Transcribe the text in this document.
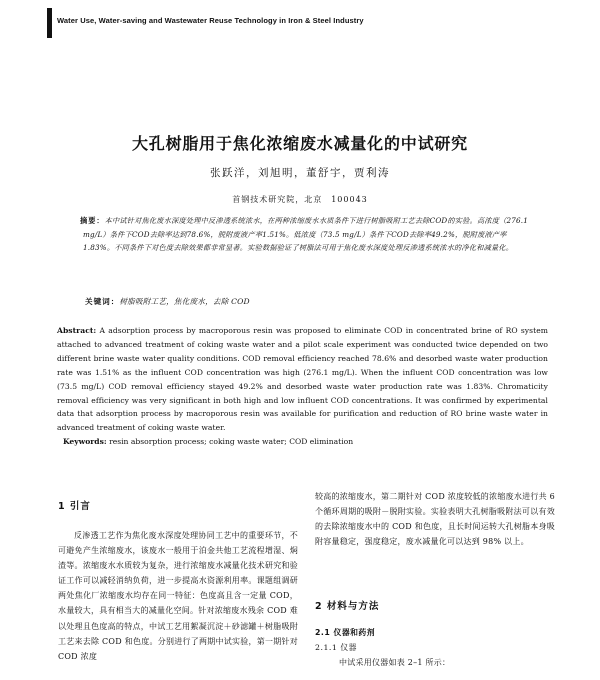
Water Use, Water-saving and Wastewater Reuse Technology in Iron & Steel Industry
大孔树脂用于焦化浓缩废水减量化的中试研究
张跃洋，刘旭明，董舒宇，贾利涛
首钢技术研究院，北京　100043
摘要：本中试针对焦化废水深度处理中反渗透系统浓水，在两种浓缩废水水质条件下进行树脂吸附工艺去除COD的实验。高浓度（276.1 mg/L）条件下COD去除率达到78.6%，脱附废液产率1.51%。低浓度（73.5 mg/L）条件下COD去除率49.2%，脱附废液产率1.83%。不同条件下对色度去除效果都非常显著。实验数据验证了树脂法可用于焦化废水深度处理反渗透系统浓水的净化和减量化。
关键词：树脂吸附工艺，焦化废水，去除 COD
Abstract: A adsorption process by macroporous resin was proposed to eliminate COD in concentrated brine of RO system attached to advanced treatment of coking waste water and a pilot scale experiment was conducted twice depended on two different brine waste water quality conditions. COD removal efficiency reached 78.6% and desorbed waste water production rate was 1.51% as the influent COD concentration was high (276.1 mg/L). When the influent COD concentration was low (73.5 mg/L) COD removal efficiency stayed 49.2% and desorbed waste water production rate was 1.83%. Chromaticity removal efficiency was very significant in both high and low influent COD concentrations. It was confirmed by experimental data that adsorption process by macroporous resin was available for purification and reduction of RO brine waste water in advanced treatment of coking waste water.
Keywords: resin absorption process; coking waste water; COD elimination
1 引言
反渗透工艺作为焦化废水深度处理协同工艺中的重要环节，不可避免产生浓缩废水，该废水一般用于泊金共他工艺流程增湿、焖渣等。浓缩废水水质较为复杂，进行浓缩废水减量化技术研究和验证工作可以减轻消纳负荷，进一步提高水资源利用率。课题组调研两处焦化厂浓缩废水均存在同一特征：色度高且含一定量 COD，水量较大，具有相当大的减量化空间。针对浓缩废水残余 COD 难以处理且色度高的特点，中试工艺用絮凝沉淀＋砂滤罐＋树脂吸附工艺来去除 COD 和色度。分别进行了两期中试实验，第一期针对 COD 浓度
较高的浓缩废水，第二期针对 COD 浓度较低的浓缩废水进行共 6 个循环周期的吸附－脱附实验。实验表明大孔树脂吸附法可以有效的去除浓缩废水中的 COD 和色度，且长时间运转大孔树脂本身吸附容量稳定，强度稳定，废水减量化可以达到 98% 以上。
2 材料与方法
2.1 仪器和药剂
2.1.1 仪器
中试采用仪器如表 2–1 所示：
